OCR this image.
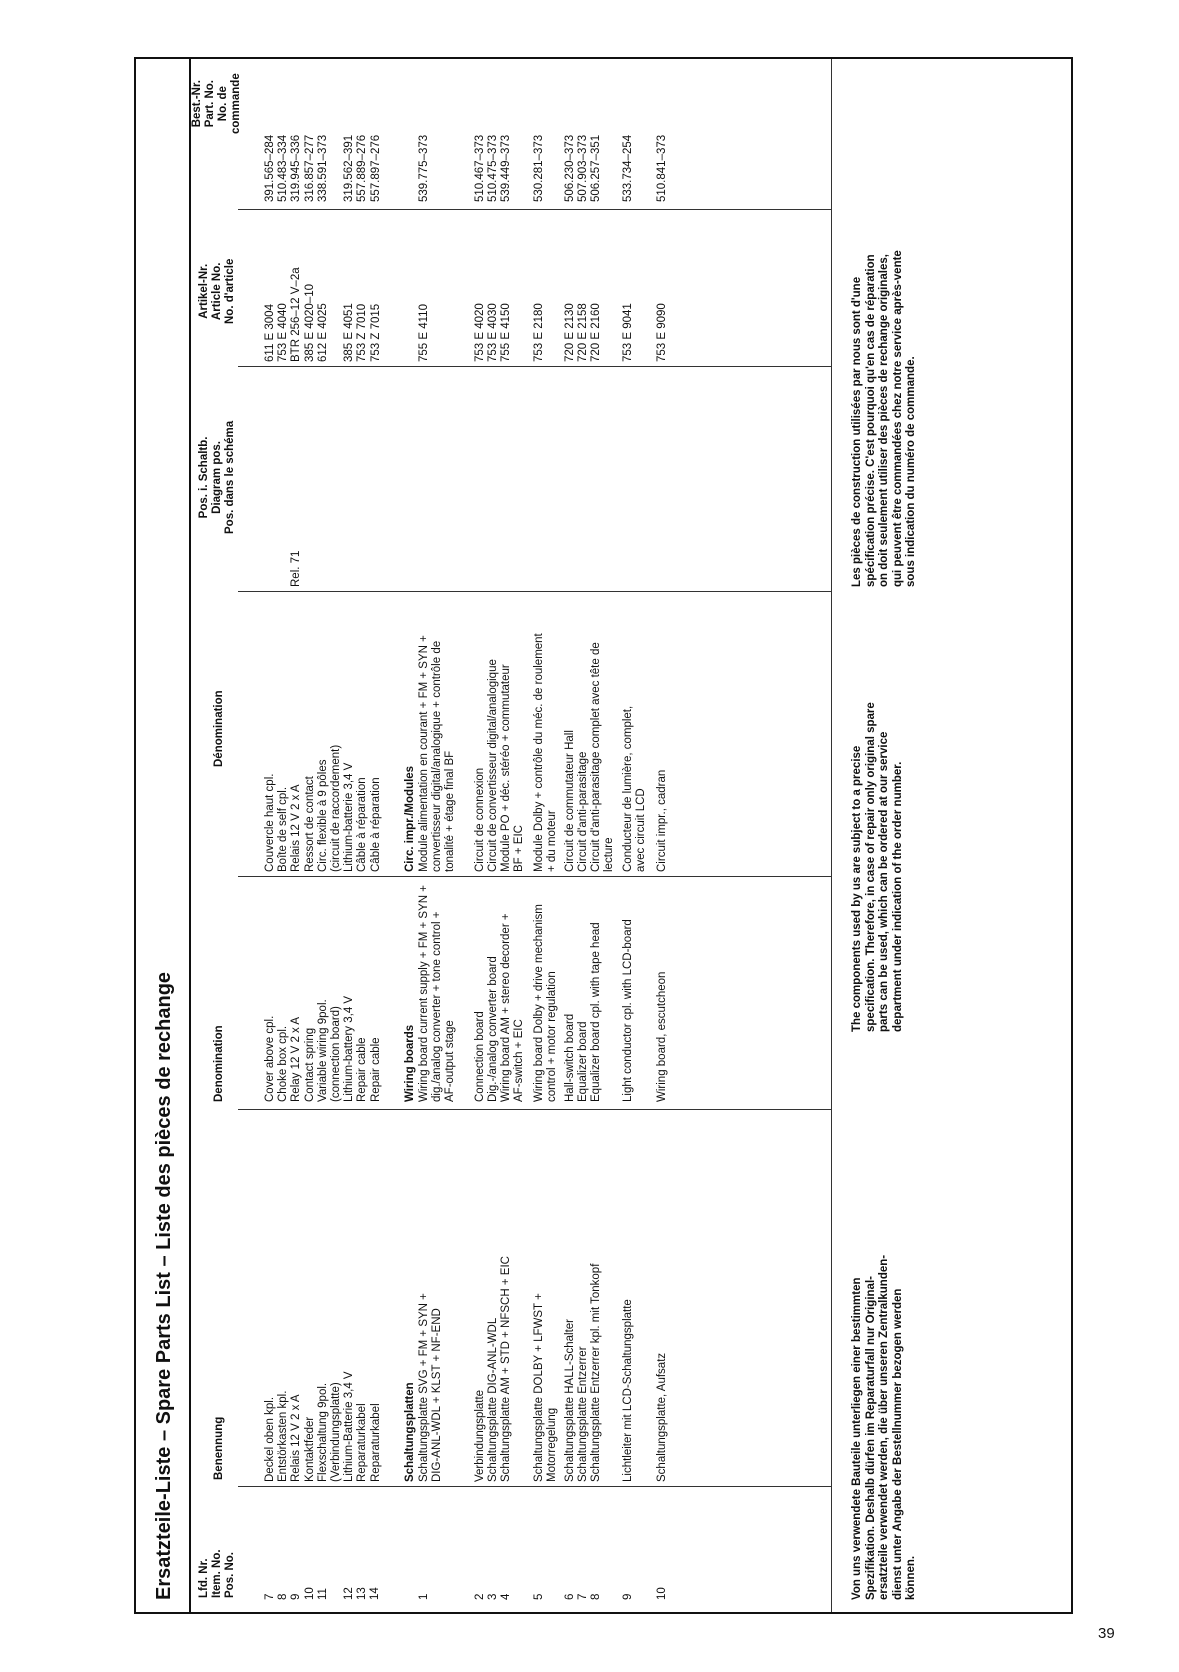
Ersatzteile-Liste – Spare Parts List – Liste des pièces de rechange	Lfd. Nr. Item. No. Pos. No.
Benennung
Denomination
Dénomination
Pos. i. Schaltb. Diagram pos. Pos. dans le schéma
Artikel-Nr. Article No. No. d'article
Best.-Nr. Part. No. No. de commande
7 8 9 10 11 12 13 14
Deckel oben kpl. Entstörkasten kpl. Relais 12 V 2 x A Kontaktfeder Flexschaltung 9pol. (Verbindungsplatte) Lithium-Batterie 3,4 V Reparaturkabel Reparaturkabel
Cover above cpl. Choke box cpl. Relay 12 V 2 x A Contact spring Variable wiring 9pol. (connection board) Lithium-battery 3,4 V Repair cable Repair cable
Couvercle haut cpl. Boîte de self cpl. Relais 12 V 2 x A Ressort de contact Circ. flexible à 9 pôles (circuit de raccordement) Lithium-batterie 3,4 V Câble à réparation Câble à réparation
Rel. 71
611 E 3004 753 E 4040 BTR 256–12 V–2a 385 E 4020–10 612 E 4025 385 E 4051 753 Z 7010 753 Z 7015
391.565–284 510.483–334 319.945–336 316.857–277 338.591–373 319.562–391 557.889–276 557.897–276
Schaltungsplatten
Wiring boards
Circ. impr./Modules
1
Schaltungsplatte SVG + FM + SYN + DIG-ANL-WDL + KLST + NF-END
Wiring board current supply + FM + SYN + dig./analog converter + tone control + AF-output stage
Module alimentation en courant + FM + SYN + convertisseur digital/analogique + contrôle de tonalité + étage final BF
755 E 4110
539.775–373
2
Verbindungsplatte
Connection board
Circuit de connexion
753 E 4020
510.467–373
3
Schaltungsplatte DIG-ANL-WDL
Dig.-/analog converter board
Circuit de convertisseur digital/analogique
753 E 4030
510.475–373
4
Schaltungsplatte AM + STD + NFSCH + EIC
Wiring board AM + stereo decorder + AF-switch + EIC
Module PO + déc. stéréo + commutateur BF + EIC
755 E 4150
539.449–373
5
Schaltungsplatte DOLBY + LFWST + Motorregelung
Wiring board Dolby + drive mechanism control + motor regulation
Module Dolby + contrôle du méc. de roulement + du moteur
753 E 2180
530.281–373
6
Schaltungsplatte HALL-Schalter
Hall-switch board
Circuit de commutateur Hall
720 E 2130
506.230–373
7
Schaltungsplatte Entzerrer
Equalizer board
Circuit d'anti-parasitage
720 E 2158
507.903–373
8
Schaltungsplatte Entzerrer kpl. mit Tonkopf
Equalizer board cpl. with tape head
Circuit d'anti-parasitage complet avec tête de lecture
720 E 2160
506.257–351
9
Lichtleiter mit LCD-Schaltungsplatte
Light conductor cpl. with LCD-board
Conducteur de lumière, complet, avec circuit LCD
753 E 9041
533.734–254
10
Schaltungsplatte, Aufsatz
Wiring board, escutcheon
Circuit impr., cadran
753 E 9090
510.841–373
Von uns verwendete Bauteile unterliegen einer bestimmten
Spezifikation. Deshalb dürfen im Reparaturfall nur Original-
ersatzteile verwendet werden, die über unseren Zentralkunden-
dienst unter Angabe der Bestellnummer bezogen werden
können.
The components used by us are subject to a precise
specification. Therefore, in case of repair only original spare
parts can be used, which can be ordered at our service
department under indication of the order number.
Les pièces de construction utilisées par nous sont d'une
spécification précise. C'est pourquoi qu'en cas de réparation
on doit seulement utiliser des pièces de rechange originales,
qui peuvent être commandées chez notre service après-vente
sous indication du numéro de commande.
39
